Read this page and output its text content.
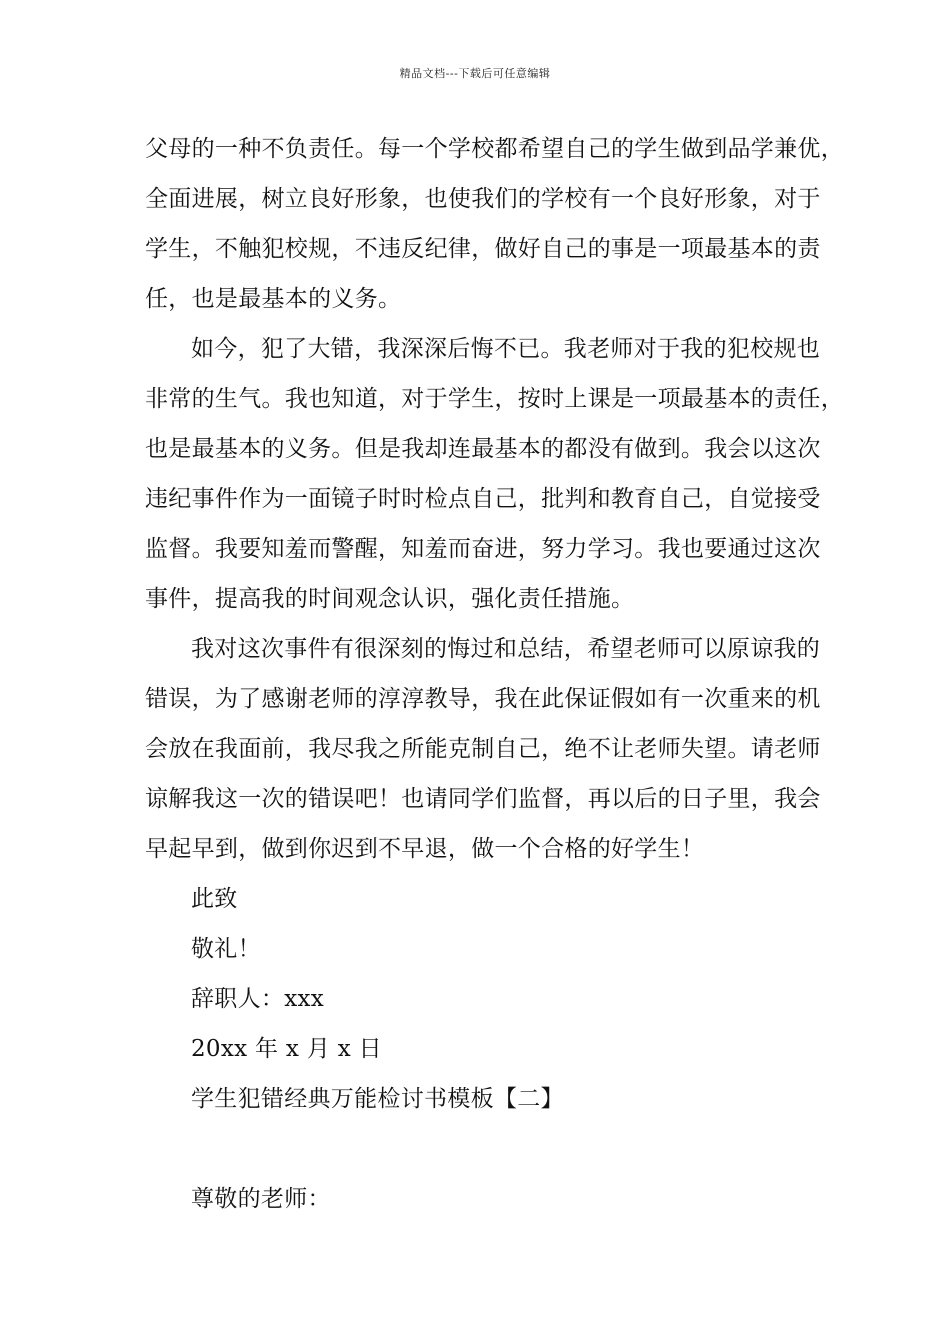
精品文档---下载后可任意编辑
父母的一种不负责任。每一个学校都希望自己的学生做到品学兼优，
全面进展，树立良好形象，也使我们的学校有一个良好形象，对于
学生，不触犯校规，不违反纪律，做好自己的事是一项最基本的责
任，也是最基本的义务。
如今，犯了大错，我深深后悔不已。我老师对于我的犯校规也
非常的生气。我也知道，对于学生，按时上课是一项最基本的责任，
也是最基本的义务。但是我却连最基本的都没有做到。我会以这次
违纪事件作为一面镜子时时检点自己，批判和教育自己，自觉接受
监督。我要知羞而警醒，知羞而奋进，努力学习。我也要通过这次
事件，提高我的时间观念认识，强化责任措施。
我对这次事件有很深刻的悔过和总结，希望老师可以原谅我的
错误，为了感谢老师的淳淳教导，我在此保证假如有一次重来的机
会放在我面前，我尽我之所能克制自己，绝不让老师失望。请老师
谅解我这一次的错误吧！也请同学们监督，再以后的日子里，我会
早起早到，做到你迟到不早退，做一个合格的好学生！
此致
敬礼！
辞职人：xxx
20xx 年 x 月 x 日
学生犯错经典万能检讨书模板【二】
尊敬的老师：
